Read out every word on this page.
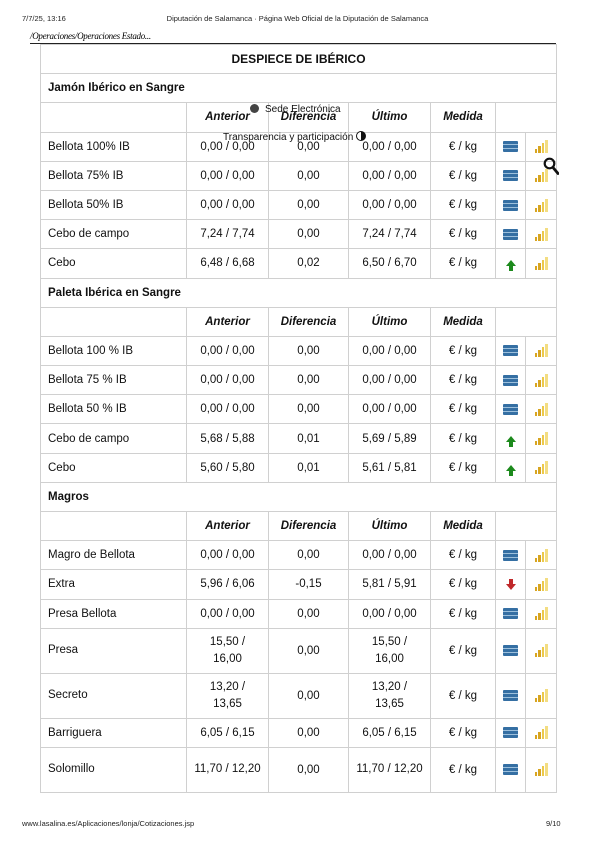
7/7/25, 13:16	Diputación de Salamanca · Página Web Oficial de la Diputación de Salamanca
/Operaciones/Operaciones Estado...
DESPIECE DE IBÉRICO						
Jamón Ibérico en Sangre						
	Anterior	Diferencia	Último	Medida		
Bellota 100% IB	0,00 / 0,00	0,00	0,00 / 0,00	€ / kg		

Bellota 75% IB	0,00 / 0,00	0,00	0,00 / 0,00	€ / kg		

Bellota 50% IB	0,00 / 0,00	0,00	0,00 / 0,00	€ / kg		

Cebo de campo	7,24 / 7,74	0,00	7,24 / 7,74	€ / kg		

Cebo	6,48 / 6,68	0,02	6,50 / 6,70	€ / kg		

Paleta Ibérica en Sangre						
	Anterior	Diferencia	Último	Medida		
Bellota 100 % IB	0,00 / 0,00	0,00	0,00 / 0,00	€ / kg		

Bellota 75 % IB	0,00 / 0,00	0,00	0,00 / 0,00	€ / kg		

Bellota 50 % IB	0,00 / 0,00	0,00	0,00 / 0,00	€ / kg		

Cebo de campo	5,68 / 5,88	0,01	5,69 / 5,89	€ / kg		

Cebo	5,60 / 5,80	0,01	5,61 / 5,81	€ / kg		

Magros						
	Anterior	Diferencia	Último	Medida		
Magro de Bellota	0,00 / 0,00	0,00	0,00 / 0,00	€ / kg		

Extra	5,96 / 6,06	-0,15	5,81 / 5,91	€ / kg		

Presa Bellota	0,00 / 0,00	0,00	0,00 / 0,00	€ / kg		

Presa	15,50 / 16,00	0,00	15,50 / 16,00	€ / kg		

Secreto	13,20 / 13,65	0,00	13,20 / 13,65	€ / kg		

Barriguera	6,05 / 6,15	0,00	6,05 / 6,15	€ / kg		

Solomillo	11,70 / 12,20	0,00	11,70 / 12,20	€ / kg		
Sede Electrónica
Transparencia y participación
www.lasalina.es/Aplicaciones/lonja/Cotizaciones.jsp	9/10
